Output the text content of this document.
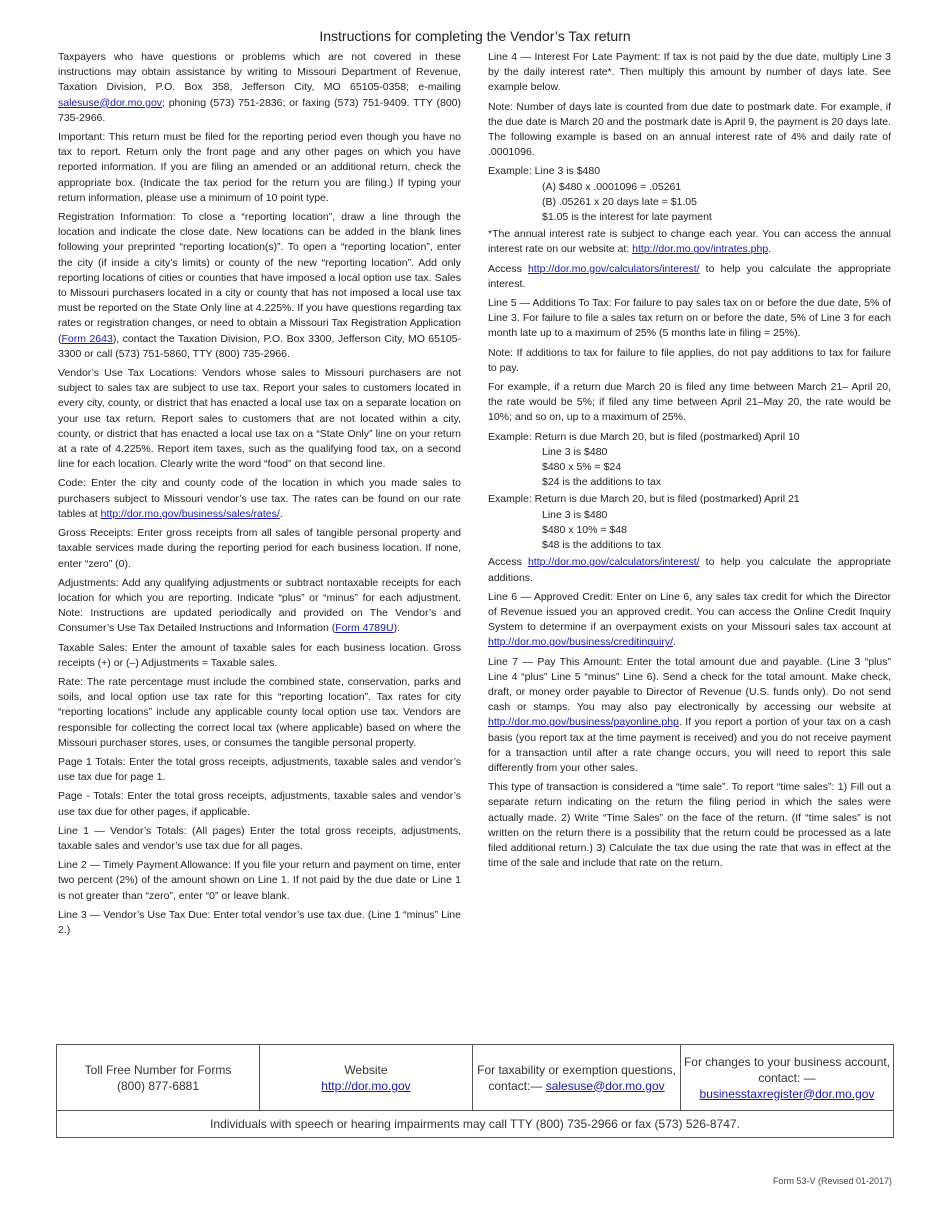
Instructions for completing the Vendor’s Tax return

Taxpayers who have questions or problems which are not covered in these instructions may obtain assistance by writing to Missouri Department of Revenue, Taxation Division, P.O. Box 358, Jefferson City, MO 65105-0358; e-mailing salesuse@dor.mo.gov; phoning (573) 751-2836; or faxing (573) 751-9409. TTY (800) 735-2966.

Important: This return must be filed for the reporting period even though you have no tax to report. Return only the front page and any other pages on which you have reported information. If you are filing an amended or an additional return, check the appropriate box. (Indicate the tax period for the return you are filing.) If typing your return information, please use a minimum of 10 point type.

Registration Information: To close a “reporting location”, draw a line through the location and indicate the close date. New locations can be added in the blank lines following your preprinted “reporting location(s)”. To open a “reporting location”, enter the city (if inside a city’s limits) or county of the new “reporting location”. Add only reporting locations of cities or counties that have imposed a local option use tax. Sales to Missouri purchasers located in a city or county that has not imposed a local use tax must be reported on the State Only line at 4.225%. If you have questions regarding tax rates or registration changes, or need to obtain a Missouri Tax Registration Application (Form 2643), contact the Taxation Division, P.O. Box 3300, Jefferson City, MO 65105-3300 or call (573) 751-5860, TTY (800) 735-2966.

Vendor’s Use Tax Locations: Vendors whose sales to Missouri purchasers are not subject to sales tax are subject to use tax. Report your sales to customers located in every city, county, or district that has enacted a local use tax on a separate location on your use tax return. Report sales to customers that are not located within a city, county, or district that has enacted a local use tax on a “State Only” line on your return at a rate of 4.225%. Report item taxes, such as the qualifying food tax, on a second line for each location. Clearly write the word “food” on that second line.

Code: Enter the city and county code of the location in which you made sales to purchasers subject to Missouri vendor’s use tax. The rates can be found on our rate tables at http://dor.mo.gov/business/sales/rates/.

Gross Receipts: Enter gross receipts from all sales of tangible personal property and taxable services made during the reporting period for each business location. If none, enter “zero” (0).

Adjustments: Add any qualifying adjustments or subtract nontaxable receipts for each location for which you are reporting. Indicate “plus” or “minus” for each adjustment. Note: Instructions are updated periodically and provided on The Vendor’s and Consumer’s Use Tax Detailed Instructions and Information (Form 4789U).

Taxable Sales: Enter the amount of taxable sales for each business location. Gross receipts (+) or (–) Adjustments = Taxable sales.

Rate: The rate percentage must include the combined state, conservation, parks and soils, and local option use tax rate for this “reporting location”. Tax rates for city “reporting locations” include any applicable county local option use tax. Vendors are responsible for collecting the correct local tax (where applicable) based on where the Missouri purchaser stores, uses, or consumes the tangible personal property.

Page 1 Totals: Enter the total gross receipts, adjustments, taxable sales and vendor’s use tax due for page 1.

Page - Totals: Enter the total gross receipts, adjustments, taxable sales and vendor’s use tax due for other pages, if applicable.

Line 1 — Vendor’s Totals: (All pages) Enter the total gross receipts, adjustments, taxable sales and vendor’s use tax due for all pages.

Line 2 — Timely Payment Allowance: If you file your return and payment on time, enter two percent (2%) of the amount shown on Line 1. If not paid by the due date or Line 1 is not greater than “zero”, enter “0” or leave blank.

Line 3 — Vendor’s Use Tax Due: Enter total vendor’s use tax due. (Line 1 “minus” Line 2.)

Line 4 — Interest For Late Payment: If tax is not paid by the due date, multiply Line 3 by the daily interest rate*. Then multiply this amount by number of days late. See example below.

Note: Number of days late is counted from due date to postmark date. For example, if the due date is March 20 and the postmark date is April 9, the payment is 20 days late. The following example is based on an annual interest rate of 4% and daily rate of .0001096.

Example: Line 3 is $480
(A) $480 x .0001096 = .05261
(B) .05261 x 20 days late = $1.05
$1.05 is the interest for late payment

*The annual interest rate is subject to change each year. You can access the annual interest rate on our website at: http://dor.mo.gov/intrates.php.

Access http://dor.mo.gov/calculators/interest/ to help you calculate the appropriate interest.

Line 5 — Additions To Tax: For failure to pay sales tax on or before the due date, 5% of Line 3. For failure to file a sales tax return on or before the date, 5% of Line 3 for each month late up to a maximum of 25% (5 months late in filing = 25%).

Note: If additions to tax for failure to file applies, do not pay additions to tax for failure to pay.

For example, if a return due March 20 is filed any time between March 21– April 20, the rate would be 5%; if filed any time between April 21–May 20, the rate would be 10%; and so on, up to a maximum of 25%.

Example: Return is due March 20, but is filed (postmarked) April 10
Line 3 is $480
$480 x 5% = $24
$24 is the additions to tax
Example: Return is due March 20, but is filed (postmarked) April 21
Line 3 is $480
$480 x 10% = $48
$48 is the additions to tax

Access http://dor.mo.gov/calculators/interest/ to help you calculate the appropriate additions.

Line 6 — Approved Credit: Enter on Line 6, any sales tax credit for which the Director of Revenue issued you an approved credit. You can access the Online Credit Inquiry System to determine if an overpayment exists on your Missouri sales tax account at http://dor.mo.gov/business/creditinquiry/.

Line 7 — Pay This Amount: Enter the total amount due and payable. (Line 3 “plus” Line 4 “plus” Line 5 “minus” Line 6). Send a check for the total amount. Make check, draft, or money order payable to Director of Revenue (U.S. funds only). Do not send cash or stamps. You may also pay electronically by accessing our website at http://dor.mo.gov/business/payonline.php. If you report a portion of your tax on a cash basis (you report tax at the time payment is received) and you do not receive payment for a transaction until after a rate change occurs, you will need to report this sale differently from your other sales.

This type of transaction is considered a “time sale”. To report “time sales”: 1) Fill out a separate return indicating on the return the filing period in which the sales were actually made. 2) Write “Time Sales” on the face of the return. (If “time sales” is not written on the return there is a possibility that the return could be processed as a late filed additional return.) 3) Calculate the tax due using the rate that was in effect at the time of the sale and include that rate on the return.

Toll Free Number for Forms
(800) 877-6881
Website
http://dor.mo.gov
For taxability or exemption questions, contact:— salesuse@dor.mo.gov
For changes to your business account, contact: —
businesstaxregister@dor.mo.gov
Individuals with speech or hearing impairments may call TTY (800) 735-2966 or fax (573) 526-8747.
Form 53-V (Revised 01-2017)
